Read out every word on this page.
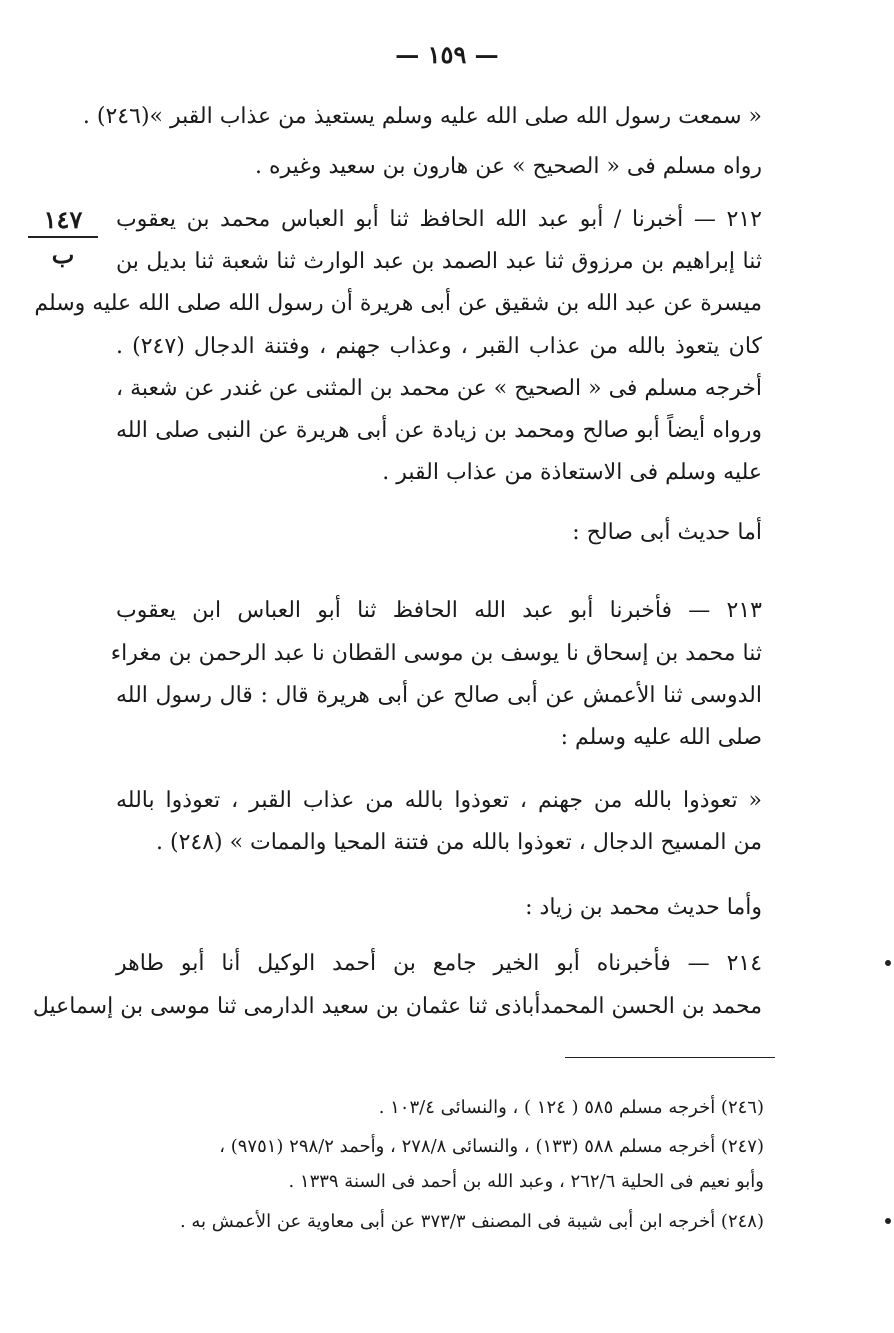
— ١٥٩ —
١٤٧
ب
« سمعت رسول الله صلى الله عليه وسلم يستعيذ من عذاب القبر »(٢٤٦) .
رواه مسلم فى « الصحيح » عن هارون بن سعيد وغيره .
٢١٢ — أخبرنا / أبو عبد الله الحافظ ثنا أبو العباس محمد بن يعقوب
ثنا إبراهيم بن مرزوق ثنا عبد الصمد بن عبد الوارث ثنا شعبة ثنا بديل بن
ميسرة عن عبد الله بن شقيق عن أبى هريرة أن رسول الله صلى الله عليه وسلم
كان يتعوذ بالله من عذاب القبر ، وعذاب جهنم ، وفتنة الدجال (٢٤٧) .
أخرجه مسلم فى « الصحيح » عن محمد بن المثنى عن غندر عن شعبة ،
ورواه أيضاً أبو صالح ومحمد بن زيادة عن أبى هريرة عن النبى صلى الله
عليه وسلم فى الاستعاذة من عذاب القبر .
أما حديث أبى صالح :
٢١٣ — فأخبرنا أبو عبد الله الحافظ ثنا أبو العباس ابن يعقوب
ثنا محمد بن إسحاق نا يوسف بن موسى القطان نا عبد الرحمن بن مغراء
الدوسى ثنا الأعمش عن أبى صالح عن أبى هريرة قال : قال رسول الله
صلى الله عليه وسلم :
« تعوذوا بالله من جهنم ، تعوذوا بالله من عذاب القبر ، تعوذوا بالله
من المسيح الدجال ، تعوذوا بالله من فتنة المحيا والممات » (٢٤٨) .
وأما حديث محمد بن زياد :
٢١٤ — فأخبرناه أبو الخير جامع بن أحمد الوكيل أنا أبو طاهر
محمد بن الحسن المحمدأباذى ثنا عثمان بن سعيد الدارمى ثنا موسى بن إسماعيل
(٢٤٦) أخرجه مسلم ٥٨٥ ( ١٢٤ ) ، والنسائى ١٠٣/٤ .
(٢٤٧) أخرجه مسلم ٥٨٨ (١٣٣) ، والنسائى ٢٧٨/٨ ، وأحمد ٢٩٨/٢ (٩٧٥١) ،
وأبو نعيم فى الحلية ٢٦٢/٦ ، وعبد الله بن أحمد فى السنة ١٣٣٩ .
(٢٤٨) أخرجه ابن أبى شيبة فى المصنف ٣٧٣/٣ عن أبى معاوية عن الأعمش به .
